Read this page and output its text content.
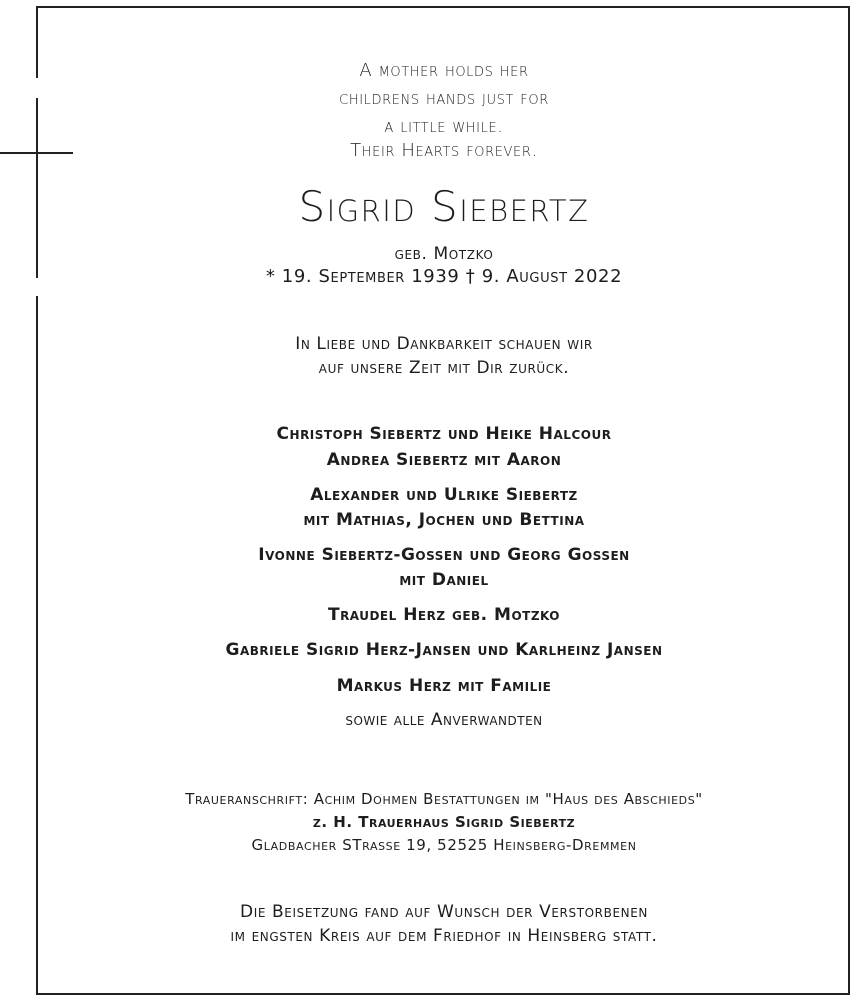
A mother holds her
childrens hands just for
a little while.
Their Hearts forever.
Sigrid Siebertz
geb. Motzko
* 19. September 1939 † 9. August 2022
In Liebe und Dankbarkeit schauen wir
auf unsere Zeit mit Dir zurück.
Christoph Siebertz und Heike Halcour
Andrea Siebertz mit Aaron
Alexander und Ulrike Siebertz
mit Mathias, Jochen und Bettina
Ivonne Siebertz-Gossen und Georg Gossen
mit Daniel
Traudel Herz geb. Motzko
Gabriele Sigrid Herz-Jansen und Karlheinz Jansen
Markus Herz mit Familie
sowie alle Anverwandten
Traueranschrift: Achim Dohmen Bestattungen im "Haus des Abschieds"
z. H. Trauerhaus Sigrid Siebertz
Gladbacher STrasse 19, 52525 Heinsberg-Dremmen
Die Beisetzung fand auf Wunsch der Verstorbenen
im engsten Kreis auf dem Friedhof in Heinsberg statt.
